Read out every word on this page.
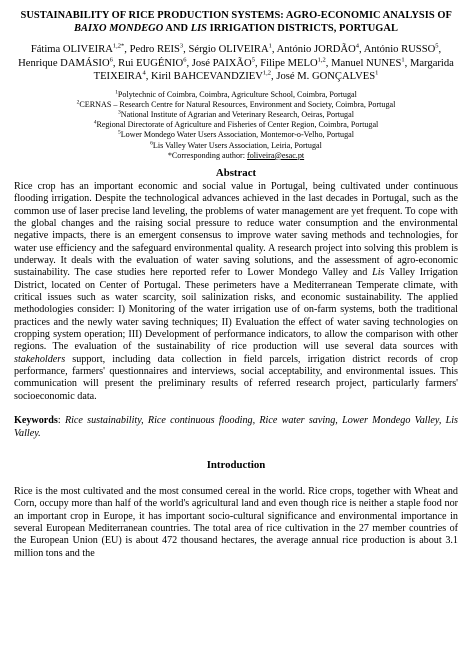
SUSTAINABILITY OF RICE PRODUCTION SYSTEMS: AGRO-ECONOMIC ANALYSIS OF BAIXO MONDEGO AND LIS IRRIGATION DISTRICTS, PORTUGAL
Fátima $OLIVEIRA^{1,2*}$, Pedro REIS$^3$, Sérgio OLIVEIRA$^1$, António JORDÃO$^4$, António RUSSO$^5$, Henrique DAMÁSIO$^6$, Rui EUGÉNIO$^6$, José PAIXÃO$^5$, Filipe MELO$^{1,2}$, Manuel NUNES$^1$, Margarida TEIXEIRA$^4$, Kiril BAHCEVANDZIEV$^{1,2}$, José M. GONÇALVES$^1$
$^1$Polytechnic of Coimbra, Coimbra, Agriculture School, Coimbra, Portugal
$^2$CERNAS – Research Centre for Natural Resources, Environment and Society, Coimbra, Portugal
$^3$National Institute of Agrarian and Veterinary Research, Oeiras, Portugal
$^4$Regional Directorate of Agriculture and Fisheries of Center Region, Coimbra, Portugal
$^5$Lower Mondego Water Users Association, Montemor-o-Velho, Portugal
$^6$Lis Valley Water Users Association, Leiria, Portugal
*Corresponding author: foliveira@esac.pt
Abstract
Rice crop has an important economic and social value in Portugal, being cultivated under continuous flooding irrigation. Despite the technological advances achieved in the last decades in Portugal, such as the common use of laser precise land leveling, the problems of water management are yet frequent. To cope with the global changes and the raising social pressure to reduce water consumption and the environmental negative impacts, there is an emergent consensus to improve water saving methods and technologies, for water use efficiency and the safeguard environmental quality. A research project into solving this problem is underway. It deals with the evaluation of water saving solutions, and the assessment of agro-economic sustainability. The case studies here reported refer to Lower Mondego Valley and Lis Valley Irrigation District, located on Center of Portugal. These perimeters have a Mediterranean Temperate climate, with critical issues such as water scarcity, soil salinization risks, and economic sustainability. The applied methodologies consider: I) Monitoring of the water irrigation use of on-farm systems, both the traditional practices and the newly water saving techniques; II) Evaluation the effect of water saving technologies on cropping system operation; III) Development of performance indicators, to allow the comparison with other regions. The evaluation of the sustainability of rice production will use several data sources with stakeholders support, including data collection in field parcels, irrigation district records of crop performance, farmers' questionnaires and interviews, social acceptability, and environmental issues. This communication will present the preliminary results of referred research project, particularly farmers' socioeconomic data.
Keywords: Rice sustainability, Rice continuous flooding, Rice water saving, Lower Mondego Valley, Lis Valley.
Introduction
Rice is the most cultivated and the most consumed cereal in the world. Rice crops, together with Wheat and Corn, occupy more than half of the world's agricultural land and even though rice is neither a staple food nor an important crop in Europe, it has important socio-cultural significance and environmental importance in several European Mediterranean countries. The total area of rice cultivation in the 27 member countries of the European Union (EU) is about 472 thousand hectares, the average annual rice production is about 3.1 million tons and the
